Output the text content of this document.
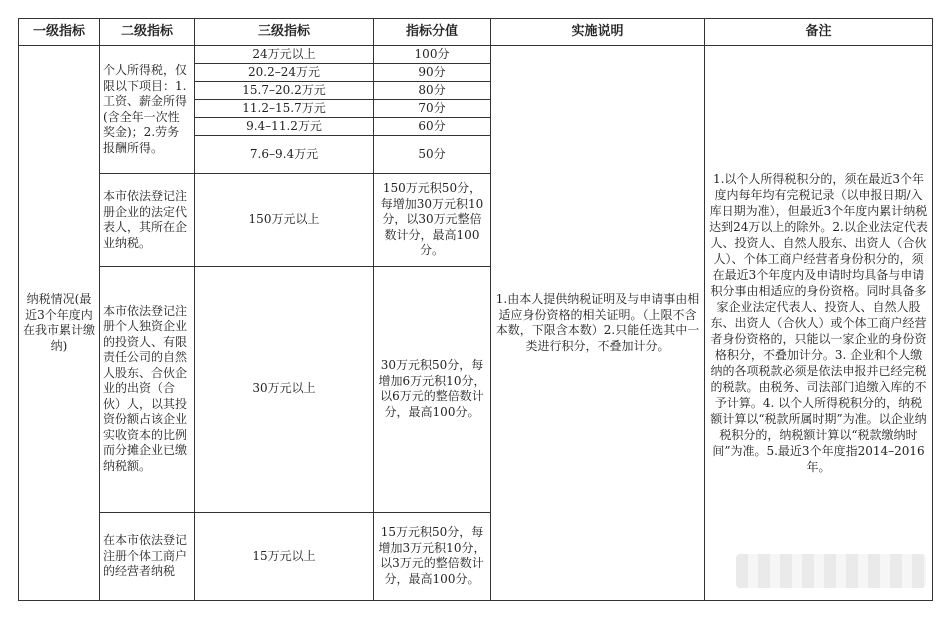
一级指标	二级指标	三级指标	指标分值	实施说明	备注
纳税情况(最近3个年度内在我市累计缴纳)	个人所得税，仅限以下项目：1.工资、薪金所得(含全年一次性奖金)；2.劳务报酬所得。	24万元以上	100分	1.由本人提供纳税证明及与申请事由相适应身份资格的相关证明。（上限不含本数，下限含本数）2.只能任选其中一类进行积分，不叠加计分。	1.以个人所得税积分的，须在最近3个年度内每年均有完税记录（以申报日期/入库日期为准），但最近3个年度内累计纳税达到24万以上的除外。2.以企业法定代表人、投资人、自然人股东、出资人（合伙人）、个体工商户经营者身份积分的，须在最近3个年度内及申请时均具备与申请积分事由相适应的身份资格。同时具备多家企业法定代表人、投资人、自然人股东、出资人（合伙人）或个体工商户经营者身份资格的，只能以一家企业的身份资格积分，不叠加计分。3. 企业和个人缴纳的各项税款必须是依法申报并已经完税的税款。由税务、司法部门追缴入库的不予计算。4. 以个人所得税积分的，纳税额计算以“税款所属时期”为准。以企业纳税积分的，纳税额计算以“税款缴纳时间”为准。5.最近3个年度指2014–2016年。
		20.2–24万元	90分		
		15.7–20.2万元	80分		
		11.2–15.7万元	70分		
		9.4–11.2万元	60分		
		7.6–9.4万元	50分		
	本市依法登记注册企业的法定代表人，其所在企业纳税。	150万元以上	150万元积50分，每增加30万元积10分，以30万元整倍数计分，最高100分。		
	本市依法登记注册个人独资企业的投资人、有限责任公司的自然人股东、合伙企业的出资（合伙）人，以其投资份额占该企业实收资本的比例而分摊企业已缴纳税额。	30万元以上	30万元积50分，每增加6万元积10分，以6万元的整倍数计分，最高100分。		
	在本市依法登记注册个体工商户的经营者纳税	15万元以上	15万元积50分，每增加3万元积10分，以3万元的整倍数计分，最高100分。		
